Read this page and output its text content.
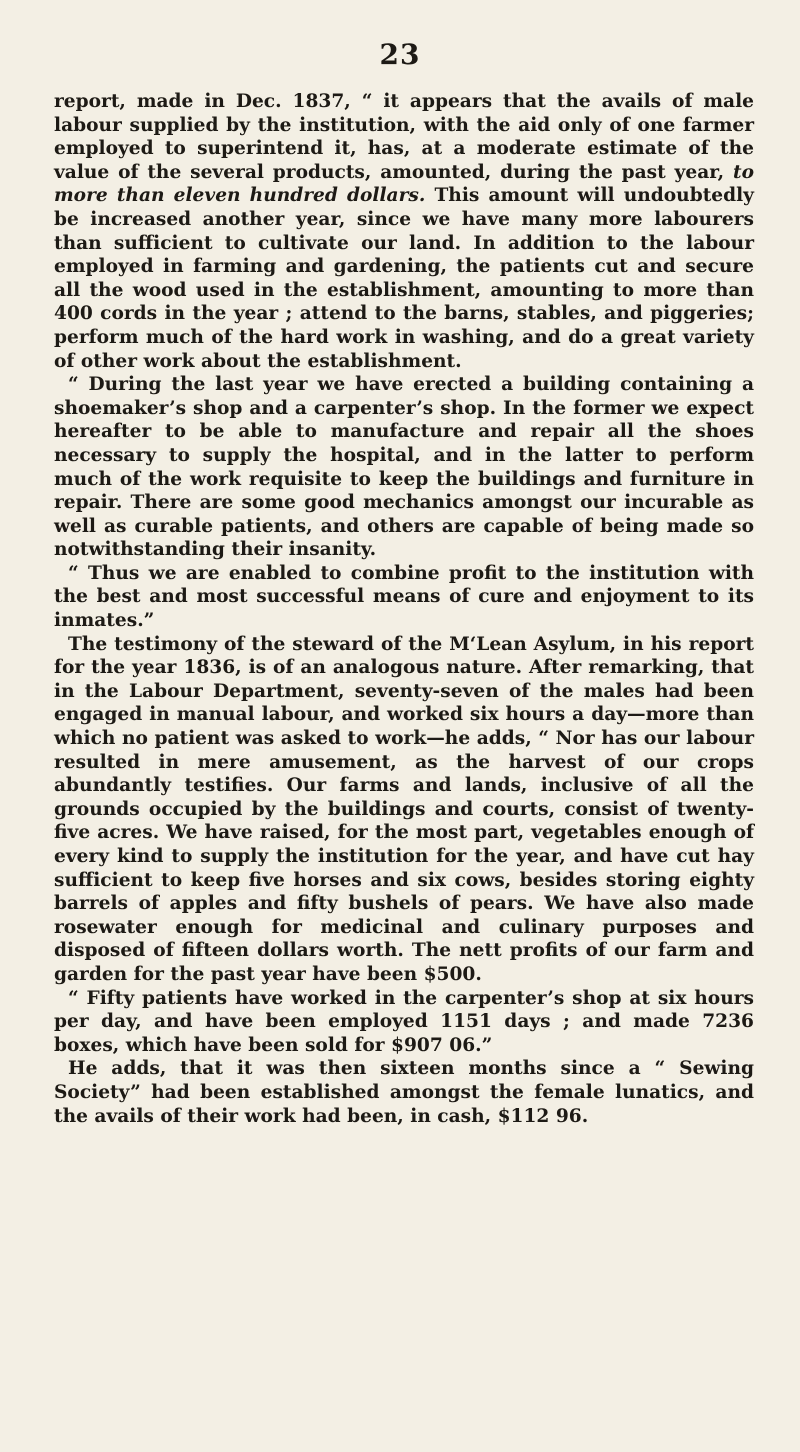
23

report, made in Dec. 1837, “ it appears that the avails of male labour supplied by the institution, with the aid only of one farmer employed to superintend it, has, at a moderate estimate of the value of the several products, amounted, during the past year, to more than eleven hundred dollars. This amount will undoubtedly be increased another year, since we have many more labourers than sufficient to cultivate our land. In addition to the labour employed in farming and gardening, the patients cut and secure all the wood used in the establishment, amounting to more than 400 cords in the year ; attend to the barns, stables, and piggeries; perform much of the hard work in washing, and do a great variety of other work about the establishment.

“ During the last year we have erected a building containing a shoemaker’s shop and a carpenter’s shop. In the former we expect hereafter to be able to manufacture and repair all the shoes necessary to supply the hospital, and in the latter to perform much of the work requisite to keep the buildings and furniture in repair. There are some good mechanics amongst our incurable as well as curable patients, and others are capable of being made so notwithstanding their insanity.

“ Thus we are enabled to combine profit to the institution with the best and most successful means of cure and enjoyment to its inmates.”

The testimony of the steward of the M‘Lean Asylum, in his report for the year 1836, is of an analogous nature. After remarking, that in the Labour Department, seventy-seven of the males had been engaged in manual labour, and worked six hours a day—more than which no patient was asked to work—he adds, “ Nor has our labour resulted in mere amusement, as the harvest of our crops abundantly testifies. Our farms and lands, inclusive of all the grounds occupied by the buildings and courts, consist of twenty-five acres. We have raised, for the most part, vegetables enough of every kind to supply the institution for the year, and have cut hay sufficient to keep five horses and six cows, besides storing eighty barrels of apples and fifty bushels of pears. We have also made rosewater enough for medicinal and culinary purposes and disposed of fifteen dollars worth. The nett profits of our farm and garden for the past year have been $500.

“ Fifty patients have worked in the carpenter’s shop at six hours per day, and have been employed 1151 days ; and made 7236 boxes, which have been sold for $907 06.”

He adds, that it was then sixteen months since a “ Sewing Society” had been established amongst the female lunatics, and the avails of their work had been, in cash, $112 96.
